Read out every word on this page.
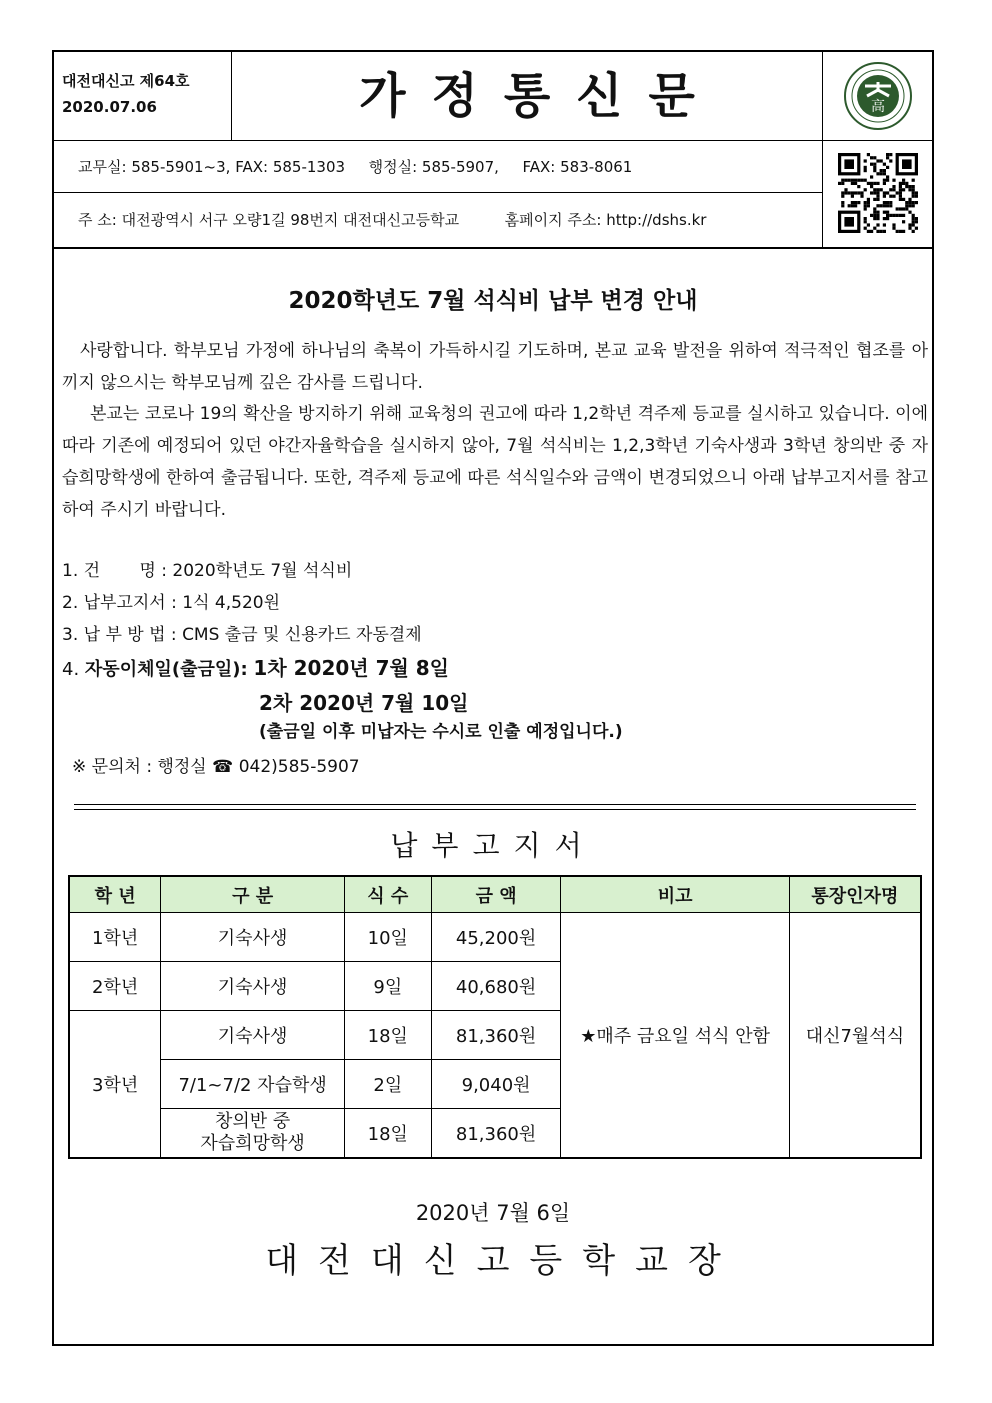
대전대신고 제64호
2020.07.06	가정통신문	高
교무실: 585-5901~3, FAX: 585-1303 행정실: 585-5907, FAX: 583-8061
주 소: 대전광역시 서구 오량1길 98번지 대전대신고등학교	홈페이지 주소: http://dshs.kr
2020학년도 7월 석식비 납부 변경 안내

사랑합니다. 학부모님 가정에 하나님의 축복이 가득하시길 기도하며, 본교 교육 발전을 위하여 적극적인 협조를 아끼지 않으시는 학부모님께 깊은 감사를 드립니다.

본교는 코로나 19의 확산을 방지하기 위해 교육청의 권고에 따라 1,2학년 격주제 등교를 실시하고 있습니다. 이에 따라 기존에 예정되어 있던 야간자율학습을 실시하지 않아, 7월 석식비는 1,2,3학년 기숙사생과 3학년 창의반 중 자습희망학생에 한하여 출금됩니다. 또한, 격주제 등교에 따른 석식일수와 금액이 변경되었으니 아래 납부고지서를 참고하여 주시기 바랍니다.

1. 건　　 명 : 2020학년도 7월 석식비
2. 납부고지서 : 1식 4,520원
3. 납 부 방 법 : CMS 출금 및 신용카드 자동결제
4. 자동이체일(출금일): 1차 2020년 7월 8일
2차 2020년 7월 10일
(출금일 이후 미납자는 수시로 인출 예정입니다.)
※ 문의처 : 행정실 ☎ 042)585-5907
납부고지서
학 년	구 분	식 수	금 액	비고	통장인자명
1학년	기숙사생	10일	45,200원	★매주 금요일 석식 안함	대신7월석식
2학년	기숙사생	9일	40,680원		
3학년	기숙사생	18일	81,360원		
	7/1~7/2 자습학생	2일	9,040원		

	창의반 중
자습희망학생	18일	81,360원		
2020년 7월 6일
대전대신고등학교장
